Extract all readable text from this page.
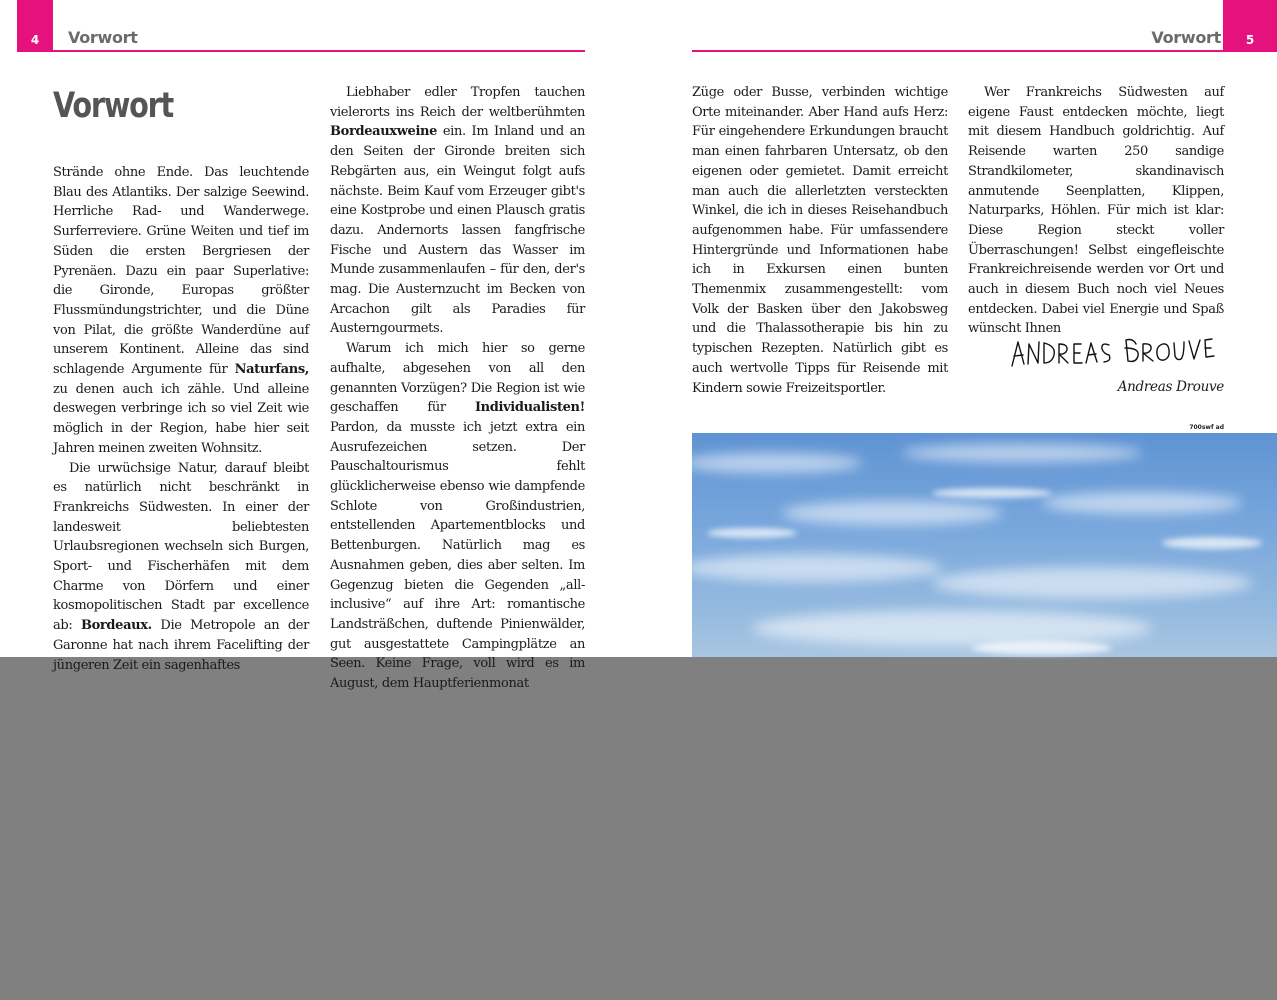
4 Vorwort
Vorwort

Strände ohne Ende. Das leuchtende Blau des Atlantiks. Der salzige Seewind. Herrliche Rad- und Wanderwege. Surferreviere. Grüne Weiten und tief im Süden die ersten Bergriesen der Pyrenäen. Dazu ein paar Superlative: die Gironde, Europas größter Flussmündungstrichter, und die Düne von Pilat, die größte Wanderdüne auf unserem Kontinent. Alleine das sind schlagende Argumente für Naturfans, zu denen auch ich zähle. Und alleine deswegen verbringe ich so viel Zeit wie möglich in der Region, habe hier seit Jahren meinen zweiten Wohnsitz.

Die urwüchsige Natur, darauf bleibt es natürlich nicht beschränkt in Frankreichs Südwesten. In einer der landesweit beliebtesten Urlaubsregionen wechseln sich Burgen, Sport- und Fischerhäfen mit dem Charme von Dörfern und einer kosmopolitischen Stadt par excellence ab: Bordeaux. Die Metropole an der Garonne hat nach ihrem Facelifting der jüngeren Zeit ein sagenhaftes

Liebhaber edler Tropfen tauchen vielerorts ins Reich der weltberühmten Bordeauxweine ein. Im Inland und an den Seiten der Gironde breiten sich Rebgärten aus, ein Weingut folgt aufs nächste. Beim Kauf vom Erzeuger gibt's eine Kostprobe und einen Plausch gratis dazu. Andernorts lassen fangfrische Fische und Austern das Wasser im Munde zusammenlaufen – für den, der's mag. Die Austernzucht im Becken von Arcachon gilt als Paradies für Austerngourmets.

Warum ich mich hier so gerne aufhalte, abgesehen von all den genannten Vorzügen? Die Region ist wie geschaffen für Individualisten! Pardon, da musste ich jetzt extra ein Ausrufezeichen setzen. Der Pauschaltourismus fehlt glücklicherweise ebenso wie dampfende Schlote von Großindustrien, entstellenden Apartementblocks und Bettenburgen. Natürlich mag es Ausnahmen geben, dies aber selten. Im Gegenzug bieten die Gegenden „all-inclusive“ auf ihre Art: romantische Landsträßchen, duftende Pinienwälder, gut ausgestattete Campingplätze an Seen. Keine Frage, voll wird es im August, dem Hauptferienmonat

5
Vorwort

Züge oder Busse, verbinden wichtige Orte miteinander. Aber Hand aufs Herz: Für eingehendere Erkundungen braucht man einen fahrbaren Untersatz, ob den eigenen oder gemietet. Damit erreicht man auch die allerletzten versteckten Winkel, die ich in dieses Reisehandbuch aufgenommen habe. Für umfassendere Hintergründe und Informationen habe ich in Exkursen einen bunten Themenmix zusammengestellt: vom Volk der Basken über den Jakobsweg und die Thalassotherapie bis hin zu typischen Rezepten. Natürlich gibt es auch wertvolle Tipps für Reisende mit Kindern sowie Freizeitsportler.

Wer Frankreichs Südwesten auf eigene Faust entdecken möchte, liegt mit diesem Handbuch goldrichtig. Auf Reisende warten 250 sandige Strandkilometer, skandinavisch anmutende Seenplatten, Klippen, Naturparks, Höhlen. Für mich ist klar: Diese Region steckt voller Überraschungen! Selbst eingefleischte Frankreichreisende werden vor Ort und auch in diesem Buch noch viel Neues entdecken. Dabei viel Energie und Spaß wünscht Ihnen

Andreas Drouve
700swf ad
